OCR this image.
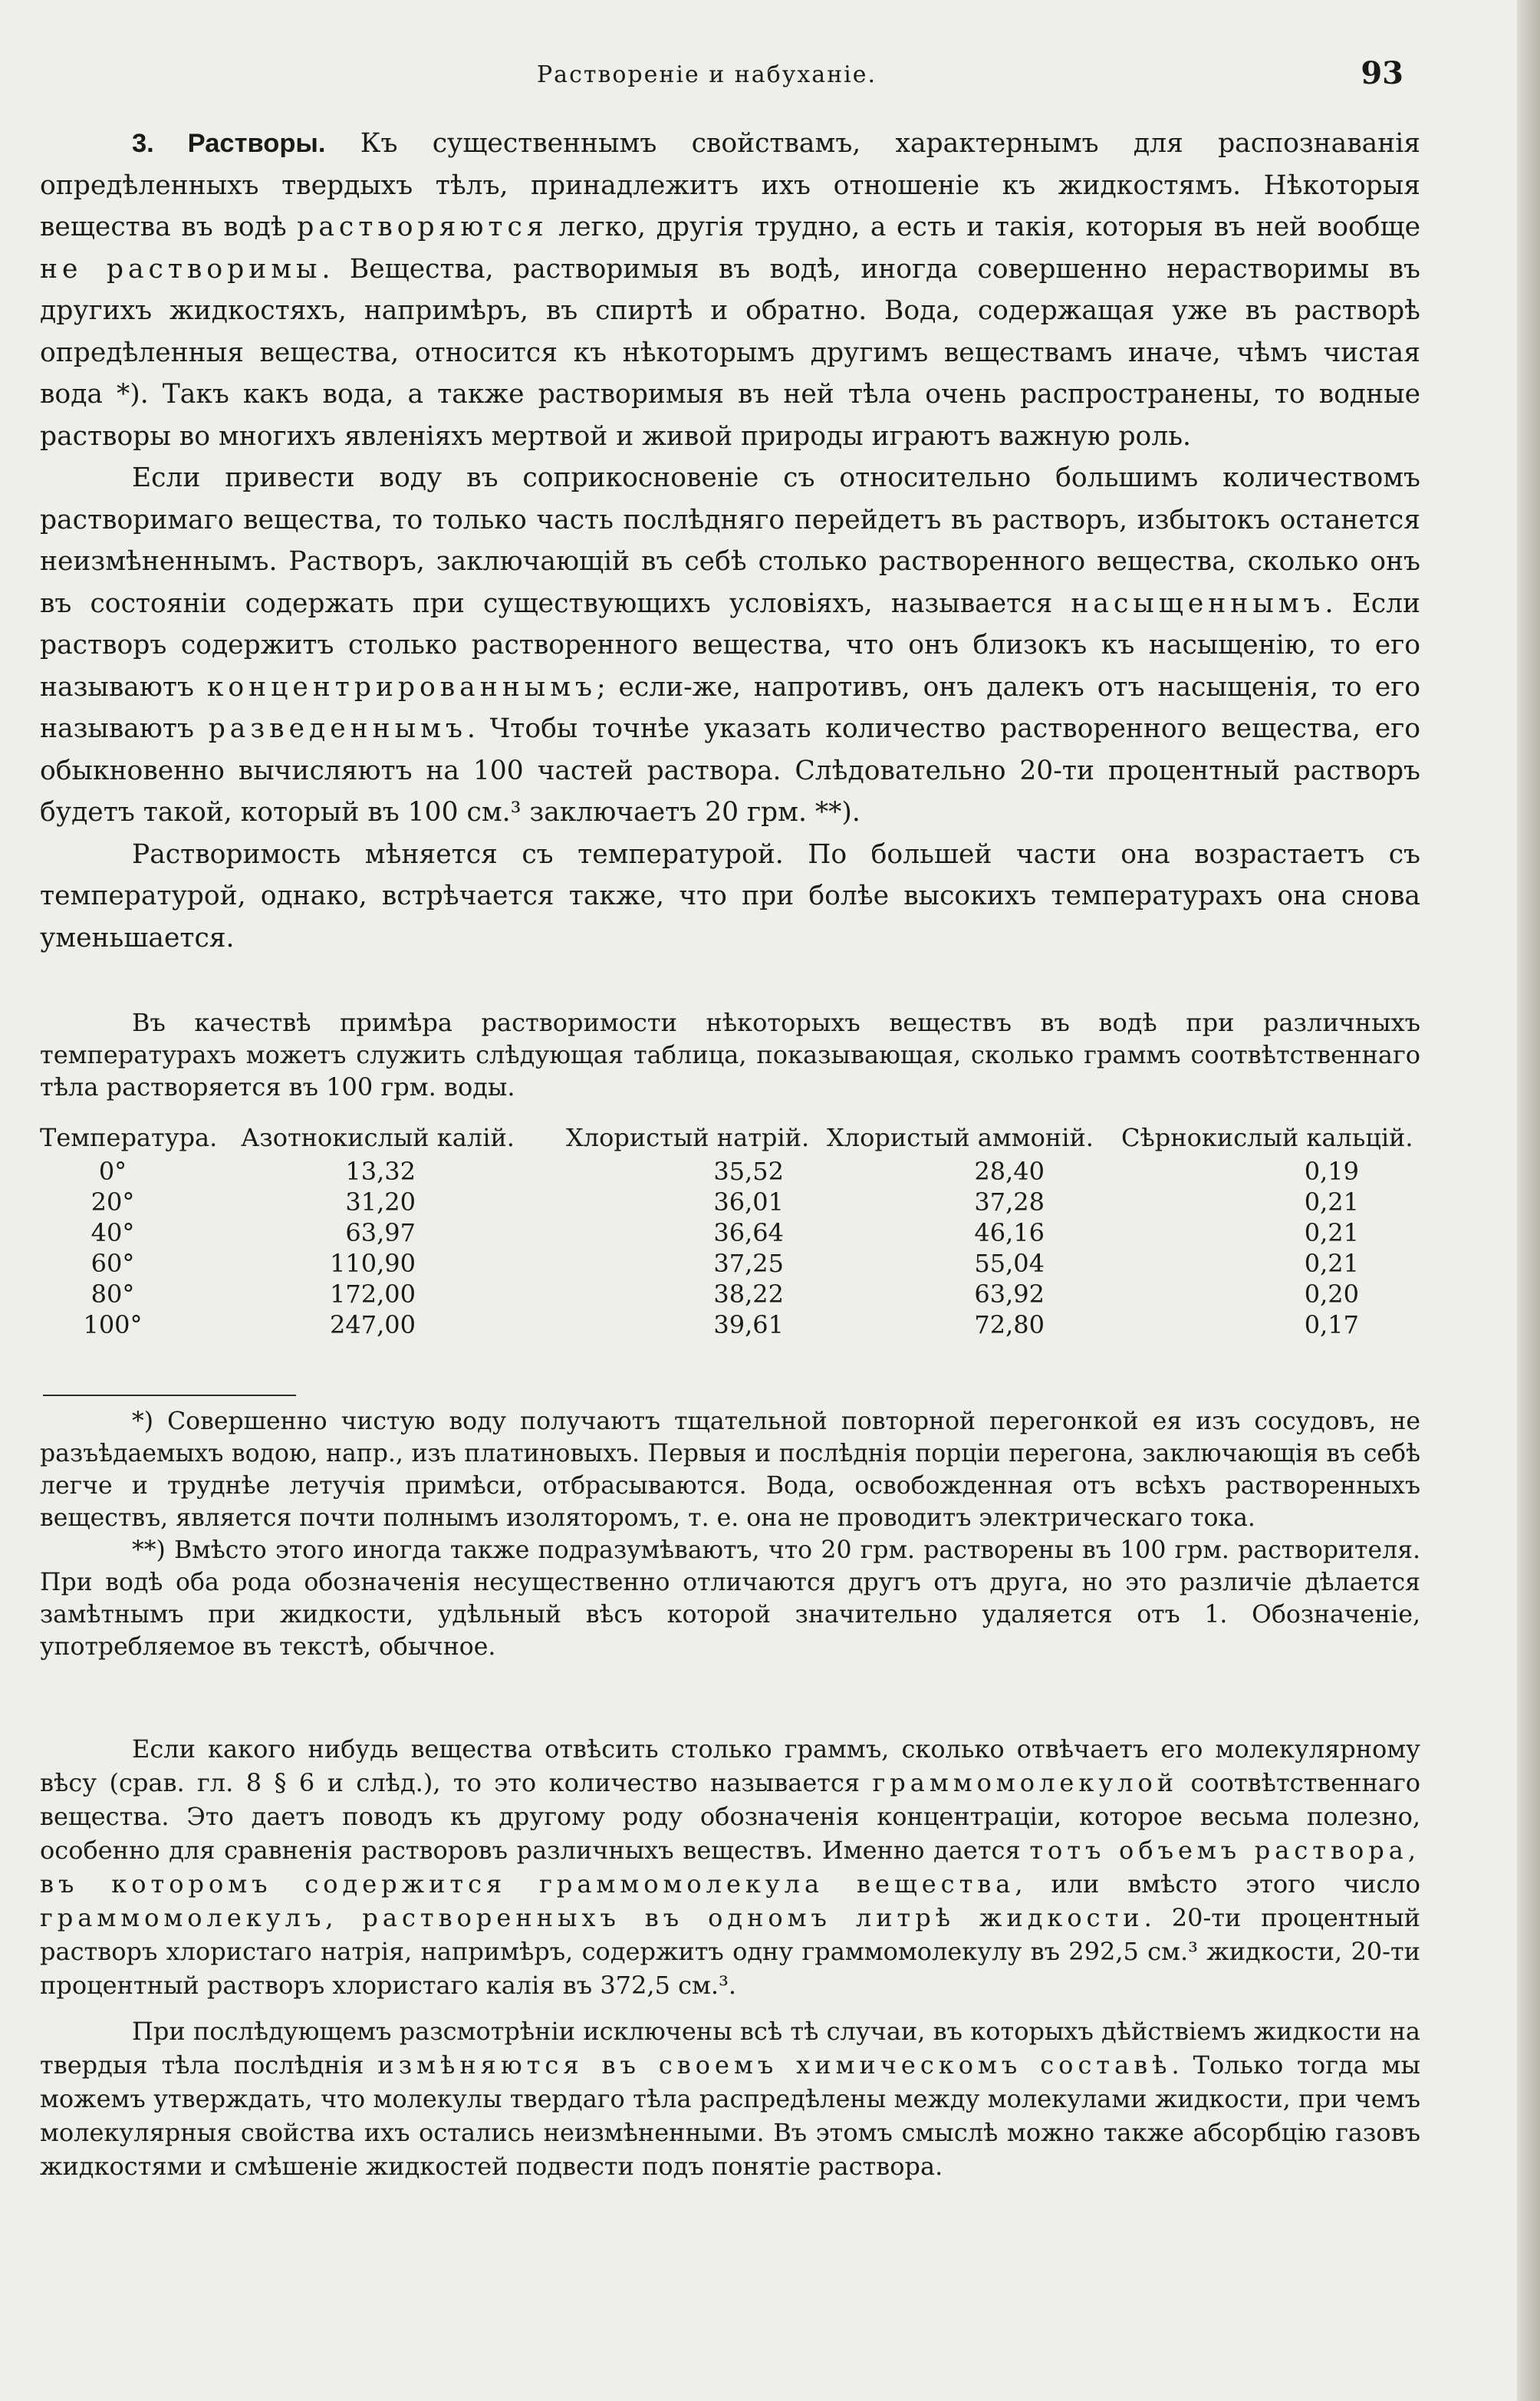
Растворенiе и набуханiе.	93

3. Растворы. Къ существеннымъ свойствамъ, характернымъ для распознаванiя опредѣленныхъ твердыхъ тѣлъ, принадлежитъ ихъ отношенiе къ жидкостямъ. Нѣкоторыя вещества въ водѣ растворяются легко, другiя трудно, а есть и такiя, которыя въ ней вообще не растворимы. Вещества, растворимыя въ водѣ, иногда совершенно нерастворимы въ другихъ жидкостяхъ, напримѣръ, въ спиртѣ и обратно. Вода, содержащая уже въ растворѣ опредѣленныя вещества, относится къ нѣкоторымъ другимъ веществамъ иначе, чѣмъ чистая вода *). Такъ какъ вода, а также растворимыя въ ней тѣла очень распространены, то водные растворы во многихъ явленiяхъ мертвой и живой природы играютъ важную роль.

Если привести воду въ соприкосновенiе съ относительно большимъ количествомъ растворимаго вещества, то только часть послѣдняго перейдетъ въ растворъ, избытокъ останется неизмѣненнымъ. Растворъ, заключающiй въ себѣ столько растворенного вещества, сколько онъ въ состоянiи содержать при существующихъ условiяхъ, называется насыщеннымъ. Если растворъ содержитъ столько растворенного вещества, что онъ близокъ къ насыщенiю, то его называютъ концентрированнымъ; если-же, напротивъ, онъ далекъ отъ насыщенiя, то его называютъ разведеннымъ. Чтобы точнѣе указать количество растворенного вещества, его обыкновенно вычисляютъ на 100 частей раствора. Слѣдовательно 20-ти процентный растворъ будетъ такой, который въ 100 см.³ заключаетъ 20 грм. **).

Растворимость мѣняется съ температурой. По большей части она возрастаетъ съ температурой, однако, встрѣчается также, что при болѣе высокихъ температурахъ она снова уменьшается.

Въ качествѣ примѣра растворимости нѣкоторыхъ веществъ въ водѣ при различныхъ температурахъ можетъ служить слѣдующая таблица, показывающая, сколько граммъ соотвѣтственнаго тѣла растворяется въ 100 грм. воды.

Температура. Азотнокислый калiй. Хлористый натрiй. Хлористый аммонiй. Сѣрнокислый кальцiй.
0°	13,32	35,52	28,40	0,19
20°	31,20	36,01	37,28	0,21
40°	63,97	36,64	46,16	0,21
60°	110,90	37,25	55,04	0,21
80°	172,00	38,22	63,92	0,20
100°	247,00	39,61	72,80	0,17

*) Совершенно чистую воду получаютъ тщательной повторной перегонкой ея изъ сосудовъ, не разъѣдаемыхъ водою, напр., изъ платиновыхъ. Первыя и послѣднiя порцiи перегона, заключающiя въ себѣ легче и труднѣе летучiя примѣси, отбрасываются. Вода, освобожденная отъ всѣхъ растворенныхъ веществъ, является почти полнымъ изоляторомъ, т. е. она не проводитъ электрическаго тока.

**) Вмѣсто этого иногда также подразумѣваютъ, что 20 грм. растворены въ 100 грм. растворителя. При водѣ оба рода обозначенiя несущественно отличаются другъ отъ друга, но это различiе дѣлается замѣтнымъ при жидкости, удѣльный вѣсъ которой значительно удаляется отъ 1. Обозначенiе, употребляемое въ текстѣ, обычное.

Если какого нибудь вещества отвѣсить столько граммъ, сколько отвѣчаетъ его молекулярному вѣсу (срав. гл. 8 § 6 и слѣд.), то это количество называется граммомолекулой соотвѣтственнаго вещества. Это даетъ поводъ къ другому роду обозначенiя концентрацiи, которое весьма полезно, особенно для сравненiя растворовъ различныхъ веществъ. Именно дается тотъ объемъ раствора, въ которомъ содержится граммомолекула вещества, или вмѣсто этого число граммомолекулъ, растворенныхъ въ одномъ литрѣ жидкости. 20-ти процентный растворъ хлористаго натрiя, напримѣръ, содержитъ одну граммомолекулу въ 292,5 см.³ жидкости, 20-ти процентный растворъ хлористаго калiя въ 372,5 см.³.

При послѣдующемъ разсмотрѣнiи исключены всѣ тѣ случаи, въ которыхъ дѣйствiемъ жидкости на твердыя тѣла послѣднiя измѣняются въ своемъ химическомъ составѣ. Только тогда мы можемъ утверждать, что молекулы твердаго тѣла распредѣлены между молекулами жидкости, при чемъ молекулярныя свойства ихъ остались неизмѣненными. Въ этомъ смыслѣ можно также абсорбцiю газовъ жидкостями и смѣшенiе жидкостей подвести подъ понятiе раствора.
